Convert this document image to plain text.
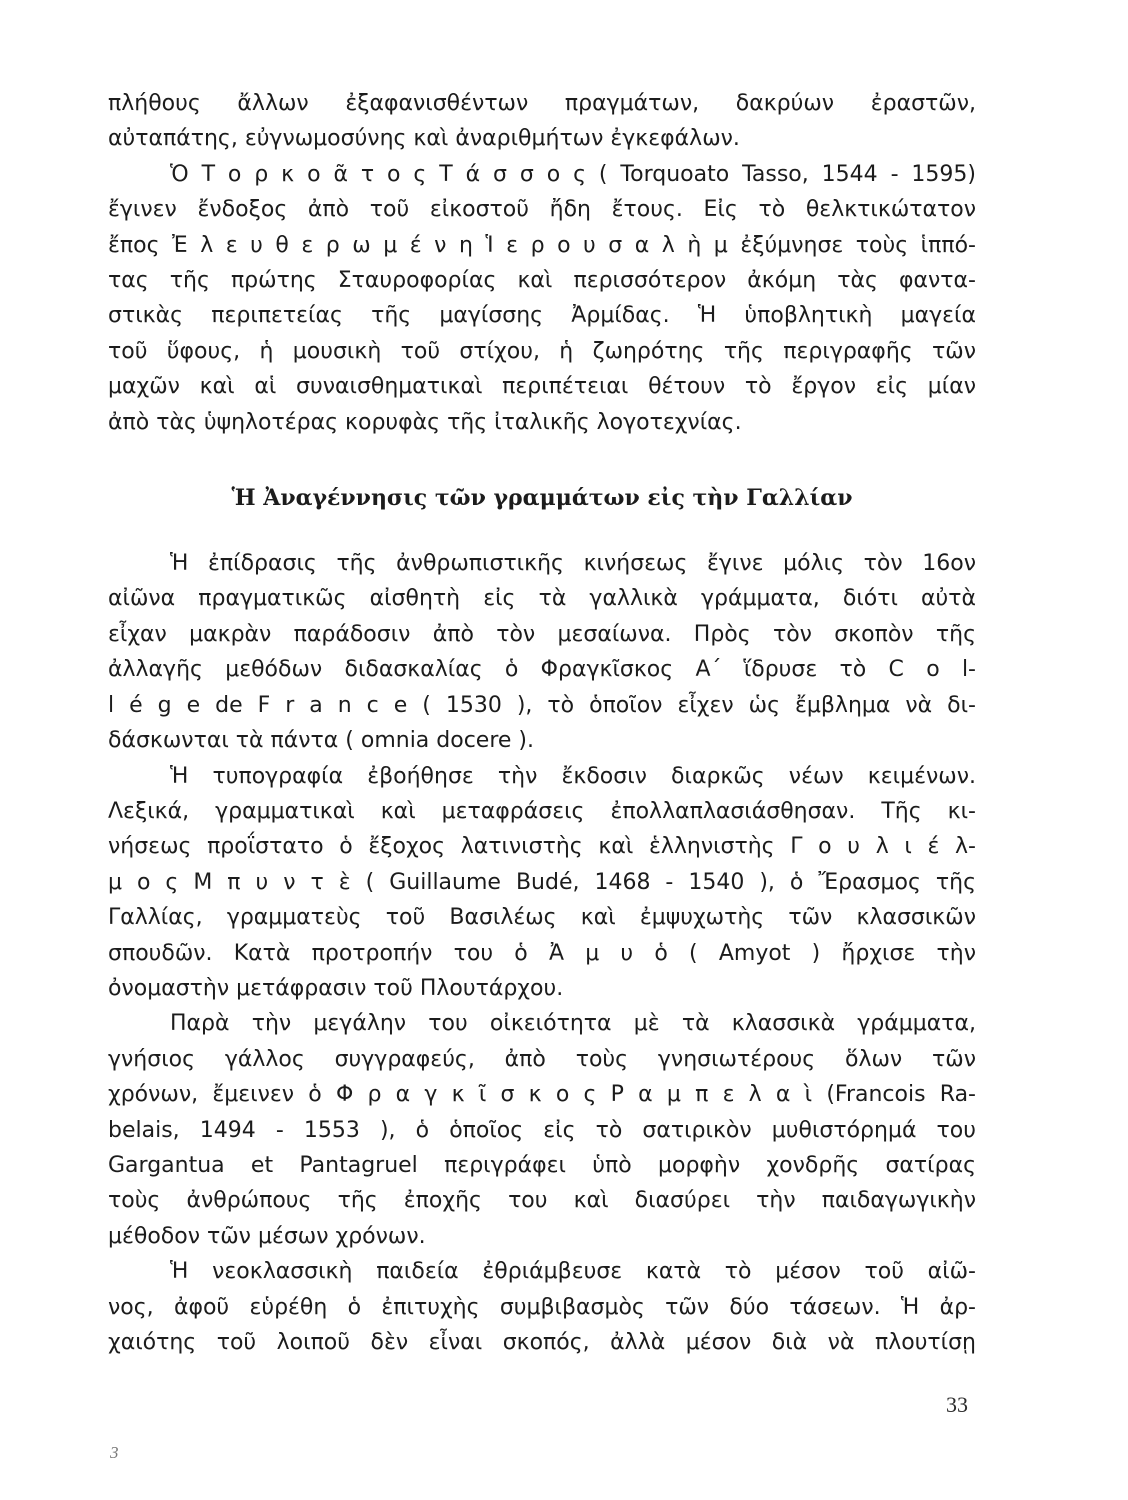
πλήθους ἄλλων ἐξαφανισθέντων πραγμάτων, δακρύων ἐραστῶν,
αὐταπάτης, εὐγνωμοσύνης καὶ ἀναριθμήτων ἐγκεφάλων.
Ὁ Τ ο ρ κ ο ᾶ τ ο ς Τ ά σ σ ο ς ( Torquoato Tasso, 1544 - 1595)
ἔγινεν ἔνδοξος ἀπὸ τοῦ εἰκοστοῦ ἤδη ἔτους. Εἰς τὸ θελκτικώτατον
ἔπος Ἐ λ ε υ θ ε ρ ω μ έ ν η Ἱ ε ρ ο υ σ α λ ὴ μ ἐξύμνησε τοὺς ἱππό-
τας τῆς πρώτης Σταυροφορίας καὶ περισσότερον ἀκόμη τὰς φαντα-
στικὰς περιπετείας τῆς μαγίσσης Ἀρμίδας. Ἡ ὑποβλητικὴ μαγεία
τοῦ ὕφους, ἡ μουσικὴ τοῦ στίχου, ἡ ζωηρότης τῆς περιγραφῆς τῶν
μαχῶν καὶ αἱ συναισθηματικαὶ περιπέτειαι θέτουν τὸ ἔργον εἰς μίαν
ἀπὸ τὰς ὑψηλοτέρας κορυφὰς τῆς ἰταλικῆς λογοτεχνίας.
Ἡ Ἀναγέννησις τῶν γραμμάτων εἰς τὴν Γαλλίαν
Ἡ ἐπίδρασις τῆς ἀνθρωπιστικῆς κινήσεως ἔγινε μόλις τὸν 16ον
αἰῶνα πραγματικῶς αἰσθητὴ εἰς τὰ γαλλικὰ γράμματα, διότι αὐτὰ
εἶχαν μακρὰν παράδοσιν ἀπὸ τὸν μεσαίωνα. Πρὸς τὸν σκοπὸν τῆς
ἀλλαγῆς μεθόδων διδασκαλίας ὁ Φραγκῖσκος Α΄ ἵδρυσε τὸ C o l-
l é g e de F r a n c e ( 1530 ), τὸ ὁποῖον εἶχεν ὡς ἔμβλημα νὰ δι-
δάσκωνται τὰ πάντα ( omnia docere ).
Ἡ τυπογραφία ἐβοήθησε τὴν ἔκδοσιν διαρκῶς νέων κειμένων.
Λεξικά, γραμματικαὶ καὶ μεταφράσεις ἐπολλαπλασιάσθησαν. Τῆς κι-
νήσεως προΐστατο ὁ ἔξοχος λατινιστὴς καὶ ἑλληνιστὴς Γ ο υ λ ι έ λ-
μ ο ς Μ π υ ν τ ὲ ( Guillaume Budé, 1468 - 1540 ), ὁ Ἔρασμος τῆς
Γαλλίας, γραμματεὺς τοῦ Βασιλέως καὶ ἐμψυχωτὴς τῶν κλασσικῶν
σπουδῶν. Κατὰ προτροπήν του ὁ Ἀ μ υ ὁ ( Amyot ) ἤρχισε τὴν
ὀνομαστὴν μετάφρασιν τοῦ Πλουτάρχου.
Παρὰ τὴν μεγάλην του οἰκειότητα μὲ τὰ κλασσικὰ γράμματα,
γνήσιος γάλλος συγγραφεύς, ἀπὸ τοὺς γνησιωτέρους ὅλων τῶν
χρόνων, ἔμεινεν ὁ Φ ρ α γ κ ῖ σ κ ο ς Ρ α μ π ε λ α ὶ (Francois Ra-
belais, 1494 - 1553 ), ὁ ὁποῖος εἰς τὸ σατιρικὸν μυθιστόρημά του
Gargantua et Pantagruel περιγράφει ὑπὸ μορφὴν χονδρῆς σατίρας
τοὺς ἀνθρώπους τῆς ἐποχῆς του καὶ διασύρει τὴν παιδαγωγικὴν
μέθοδον τῶν μέσων χρόνων.
Ἡ νεοκλασσικὴ παιδεία ἐθριάμβευσε κατὰ τὸ μέσον τοῦ αἰῶ-
νος, ἀφοῦ εὑρέθη ὁ ἐπιτυχὴς συμβιβασμὸς τῶν δύο τάσεων. Ἡ ἀρ-
χαιότης τοῦ λοιποῦ δὲν εἶναι σκοπός, ἀλλὰ μέσον διὰ νὰ πλουτίσῃ
33
3
